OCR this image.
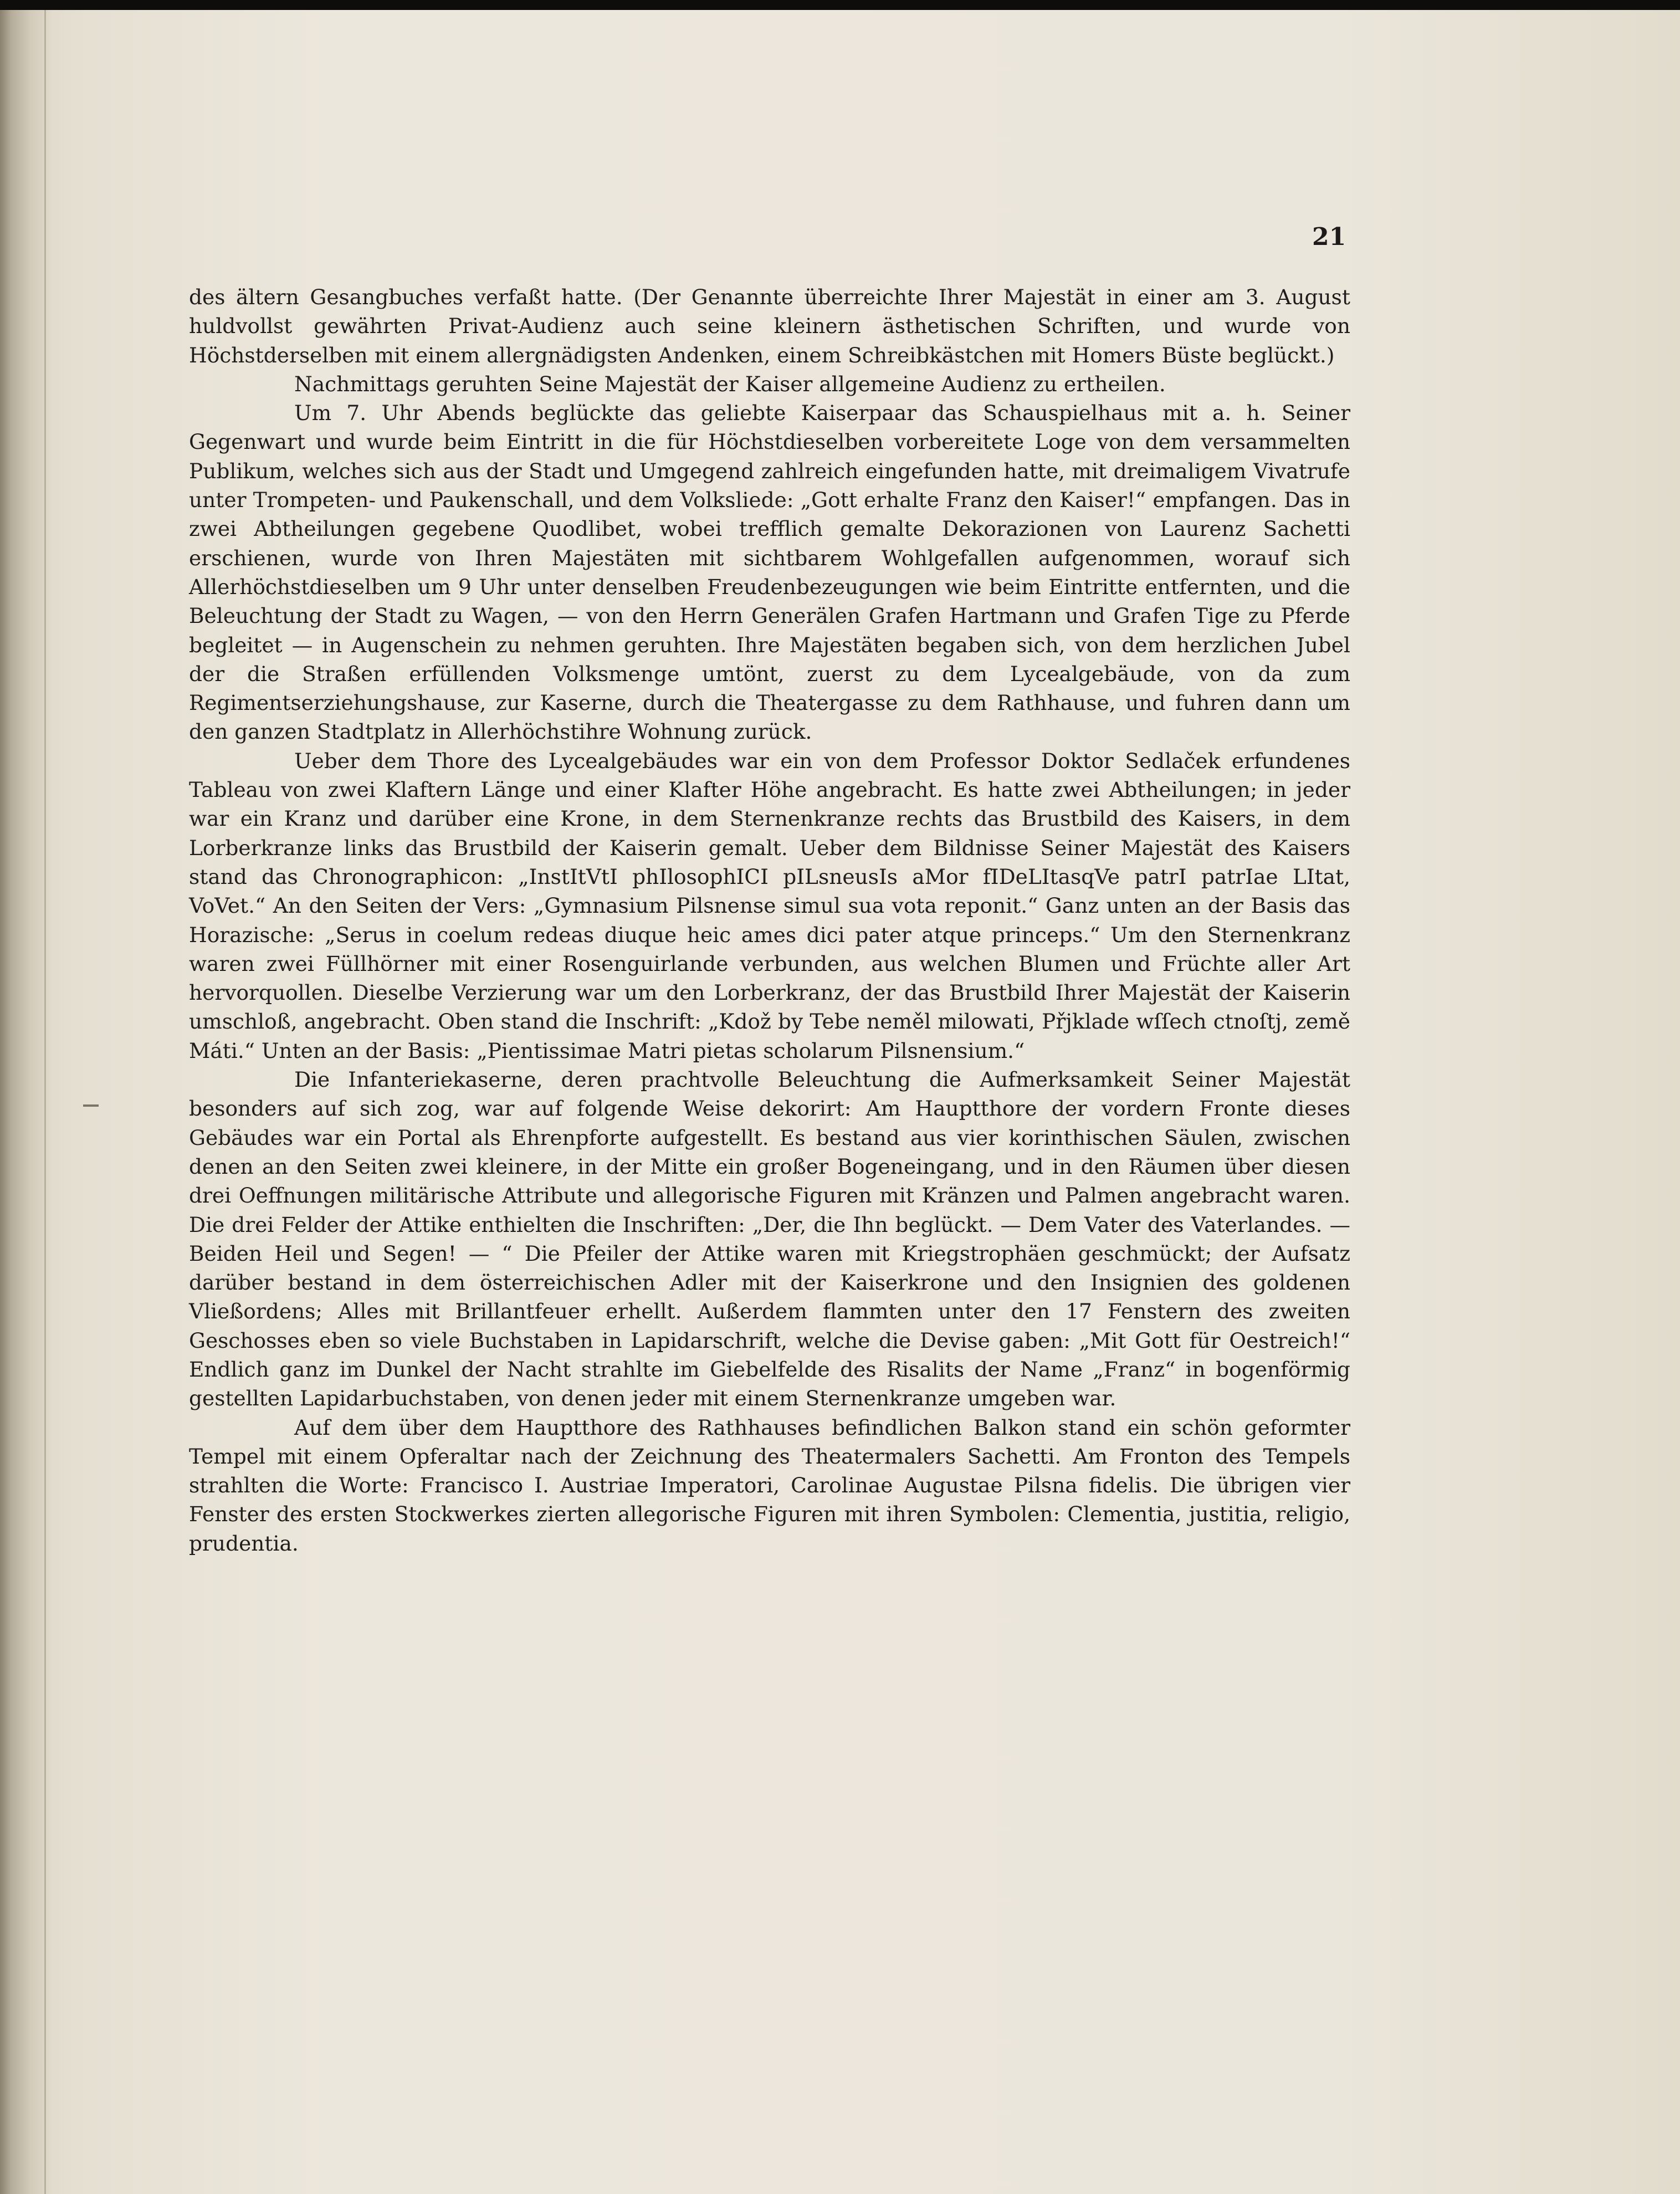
21

des ältern Gesangbuches verfaßt hatte. (Der Genannte überreichte Ihrer Majestät in einer am 3. August huldvollst gewährten Privat-Audienz auch seine kleinern ästhetischen Schriften, und wurde von Höchstderselben mit einem allergnädigsten Andenken, einem Schreibkästchen mit Homers Büste beglückt.)

Nachmittags geruhten Seine Majestät der Kaiser allgemeine Audienz zu ertheilen.

Um 7. Uhr Abends beglückte das geliebte Kaiserpaar das Schauspielhaus mit a. h. Seiner Gegenwart und wurde beim Eintritt in die für Höchstdieselben vorbereitete Loge von dem versammelten Publikum, welches sich aus der Stadt und Umgegend zahlreich eingefunden hatte, mit dreimaligem Vivatrufe unter Trompeten- und Paukenschall, und dem Volksliede: „Gott erhalte Franz den Kaiser!“ empfangen. Das in zwei Abtheilungen gegebene Quodlibet, wobei trefflich gemalte Dekorazionen von Laurenz Sachetti erschienen, wurde von Ihren Majestäten mit sichtbarem Wohlgefallen aufgenommen, worauf sich Allerhöchstdieselben um 9 Uhr unter denselben Freudenbezeugungen wie beim Eintritte entfernten, und die Beleuchtung der Stadt zu Wagen, — von den Herrn Generälen Grafen Hartmann und Grafen Tige zu Pferde begleitet — in Augenschein zu nehmen geruhten. Ihre Majestäten begaben sich, von dem herzlichen Jubel der die Straßen erfüllenden Volksmenge umtönt, zuerst zu dem Lycealgebäude, von da zum Regimentserziehungshause, zur Kaserne, durch die Theatergasse zu dem Rathhause, und fuhren dann um den ganzen Stadtplatz in Allerhöchstihre Wohnung zurück.

Ueber dem Thore des Lycealgebäudes war ein von dem Professor Doktor Sedlaček erfundenes Tableau von zwei Klaftern Länge und einer Klafter Höhe angebracht. Es hatte zwei Abtheilungen; in jeder war ein Kranz und darüber eine Krone, in dem Sternenkranze rechts das Brustbild des Kaisers, in dem Lorberkranze links das Brustbild der Kaiserin gemalt. Ueber dem Bildnisse Seiner Majestät des Kaisers stand das Chronographicon: „InstItVtI phIlosophICI pILsneusIs aMor fIDeLItasqVe patrI patrIae LItat, VoVet.“ An den Seiten der Vers: „Gymnasium Pilsnense simul sua vota reponit.“ Ganz unten an der Basis das Horazische: „Serus in coelum redeas diuque heic ames dici pater atque princeps.“ Um den Sternenkranz waren zwei Füllhörner mit einer Rosenguirlande verbunden, aus welchen Blumen und Früchte aller Art hervorquollen. Dieselbe Verzierung war um den Lorberkranz, der das Brustbild Ihrer Majestät der Kaiserin umschloß, angebracht. Oben stand die Inschrift: „Kdož by Tebe neměl milowati, Přjklade wſſech ctnoſtj, země Máti.“ Unten an der Basis: „Pientissimae Matri pietas scholarum Pilsnensium.“

Die Infanteriekaserne, deren prachtvolle Beleuchtung die Aufmerksamkeit Seiner Majestät besonders auf sich zog, war auf folgende Weise dekorirt: Am Hauptthore der vordern Fronte dieses Gebäudes war ein Portal als Ehrenpforte aufgestellt. Es bestand aus vier korinthischen Säulen, zwischen denen an den Seiten zwei kleinere, in der Mitte ein großer Bogeneingang, und in den Räumen über diesen drei Oeffnungen militärische Attribute und allegorische Figuren mit Kränzen und Palmen angebracht waren. Die drei Felder der Attike enthielten die Inschriften: „Der, die Ihn beglückt. — Dem Vater des Vaterlandes. — Beiden Heil und Segen! — “ Die Pfeiler der Attike waren mit Kriegstrophäen geschmückt; der Aufsatz darüber bestand in dem österreichischen Adler mit der Kaiserkrone und den Insignien des goldenen Vließordens; Alles mit Brillantfeuer erhellt. Außerdem flammten unter den 17 Fenstern des zweiten Geschosses eben so viele Buchstaben in Lapidarschrift, welche die Devise gaben: „Mit Gott für Oestreich!“ Endlich ganz im Dunkel der Nacht strahlte im Giebelfelde des Risalits der Name „Franz“ in bogenförmig gestellten Lapidarbuchstaben, von denen jeder mit einem Sternenkranze umgeben war.

Auf dem über dem Hauptthore des Rathhauses befindlichen Balkon stand ein schön geformter Tempel mit einem Opferaltar nach der Zeichnung des Theatermalers Sachetti. Am Fronton des Tempels strahlten die Worte: Francisco I. Austriae Imperatori, Carolinae Augustae Pilsna fidelis. Die übrigen vier Fenster des ersten Stockwerkes zierten allegorische Figuren mit ihren Symbolen: Clementia, justitia, religio, prudentia.
